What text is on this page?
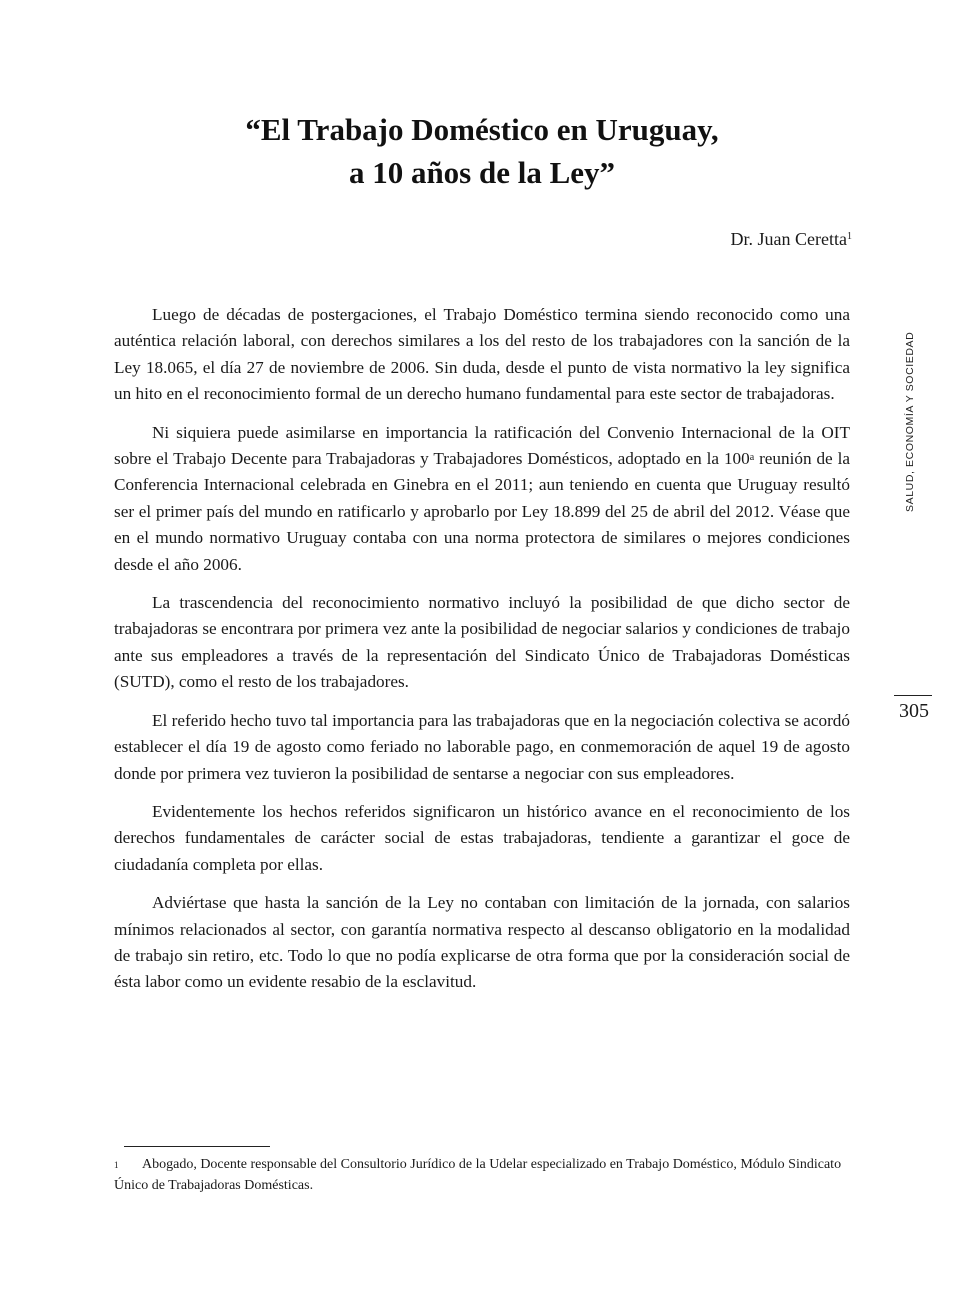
“El Trabajo Doméstico en Uruguay,
a 10 años de la Ley”
Dr. Juan Ceretta$^1$

Luego de décadas de postergaciones, el Trabajo Doméstico termina siendo reconocido como una auténtica relación laboral, con derechos similares a los del resto de los trabajadores con la sanción de la Ley 18.065, el día 27 de noviembre de 2006. Sin duda, desde el punto de vista normativo la ley significa un hito en el reconocimiento formal de un derecho humano fundamental para este sector de trabajadoras.

Ni siquiera puede asimilarse en importancia la ratificación del Convenio Internacional de la OIT sobre el Trabajo Decente para Trabajadoras y Trabajadores Domésticos, adoptado en la 100$^a$ reunión de la Conferencia Internacional celebrada en Ginebra en el 2011; aun teniendo en cuenta que Uruguay resultó ser el primer país del mundo en ratificarlo y aprobarlo por Ley 18.899 del 25 de abril del 2012. Véase que en el mundo normativo Uruguay contaba con una norma protectora de similares o mejores condiciones desde el año 2006.

La trascendencia del reconocimiento normativo incluyó la posibilidad de que dicho sector de trabajadoras se encontrara por primera vez ante la posibilidad de negociar salarios y condiciones de trabajo ante sus empleadores a través de la representación del Sindicato Único de Trabajadoras Domésticas (SUTD), como el resto de los trabajadores.

El referido hecho tuvo tal importancia para las trabajadoras que en la negociación colectiva se acordó establecer el día 19 de agosto como feriado no laborable pago, en conmemoración de aquel 19 de agosto donde por primera vez tuvieron la posibilidad de sentarse a negociar con sus empleadores.

Evidentemente los hechos referidos significaron un histórico avance en el reconocimiento de los derechos fundamentales de carácter social de estas trabajadoras, tendiente a garantizar el goce de ciudadanía completa por ellas.

Adviértase que hasta la sanción de la Ley no contaban con limitación de la jornada, con salarios mínimos relacionados al sector, con garantía normativa respecto al descanso obligatorio en la modalidad de trabajo sin retiro, etc. Todo lo que no podía explicarse de otra forma que por la consideración social de ésta labor como un evidente resabio de la esclavitud.

SALUD, ECONOMÍA Y SOCIEDAD
305

1 Abogado, Docente responsable del Consultorio Jurídico de la Udelar especializado en Trabajo Doméstico, Módulo Sindicato Único de Trabajadoras Domésticas.
